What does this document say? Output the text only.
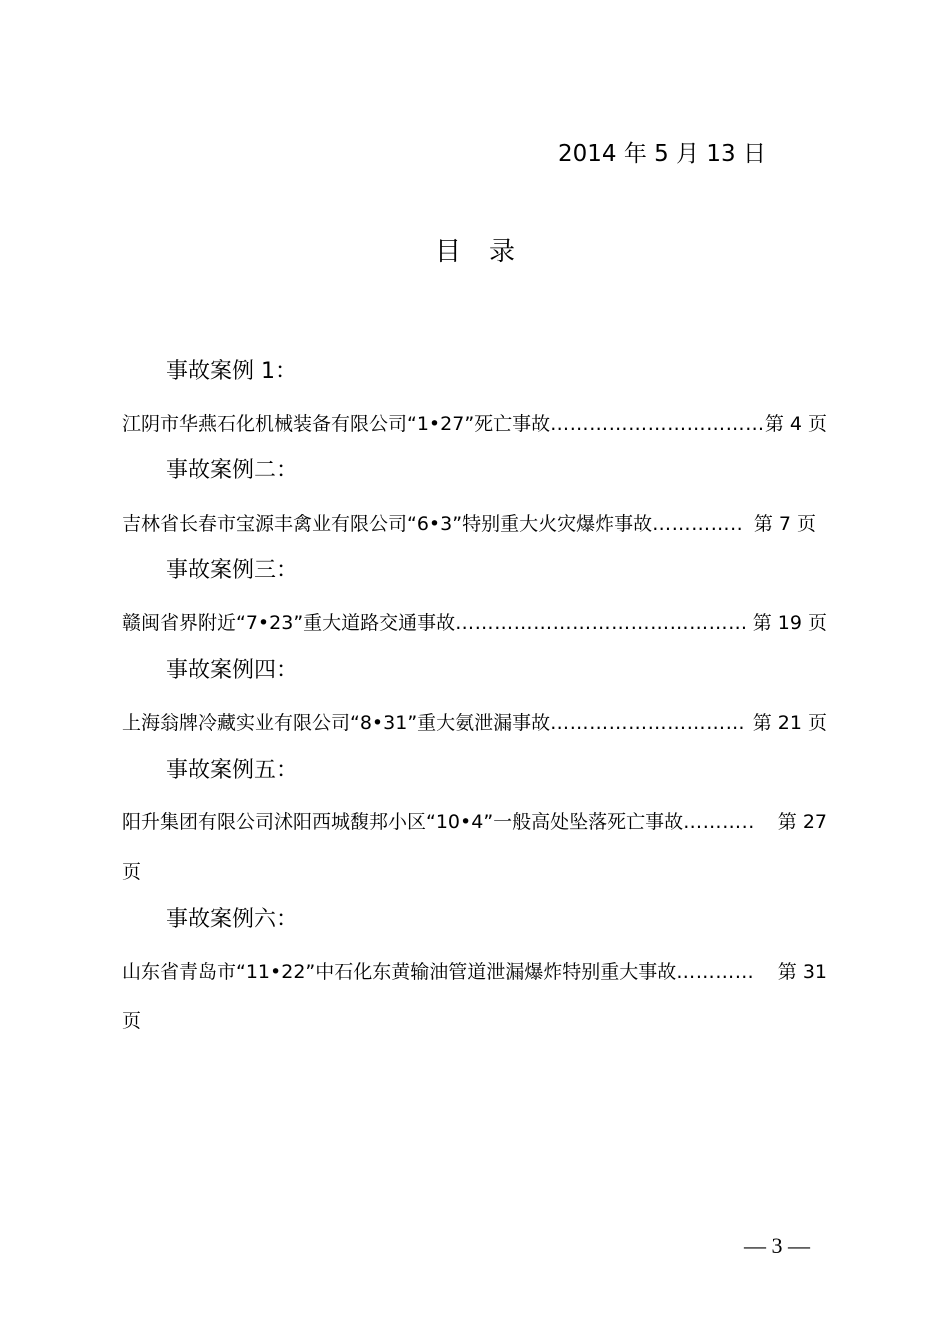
2014 年 5 月 13 日
目录
事故案例 1：
江阴市华燕石化机械装备有限公司“1•27”死亡事故 …………………………… 第 4 页
事故案例二：
吉林省长春市宝源丰禽业有限公司“6•3”特别重大火灾爆炸事故 ………….. 第 7 页
事故案例三：
赣闽省界附近“7•23”重大道路交通事故 ……………………………………… 第 19 页
事故案例四：
上海翁牌冷藏实业有限公司“8•31”重大氨泄漏事故 ………………………… 第 21 页
事故案例五：
阳升集团有限公司沭阳西城馥邦小区“10•4”一般高处坠落死亡事故 ………..	第 27
页
事故案例六：
山东省青岛市“11•22”中石化东黄输油管道泄漏爆炸特别重大事故 …………	第 31
页
— 3 —
